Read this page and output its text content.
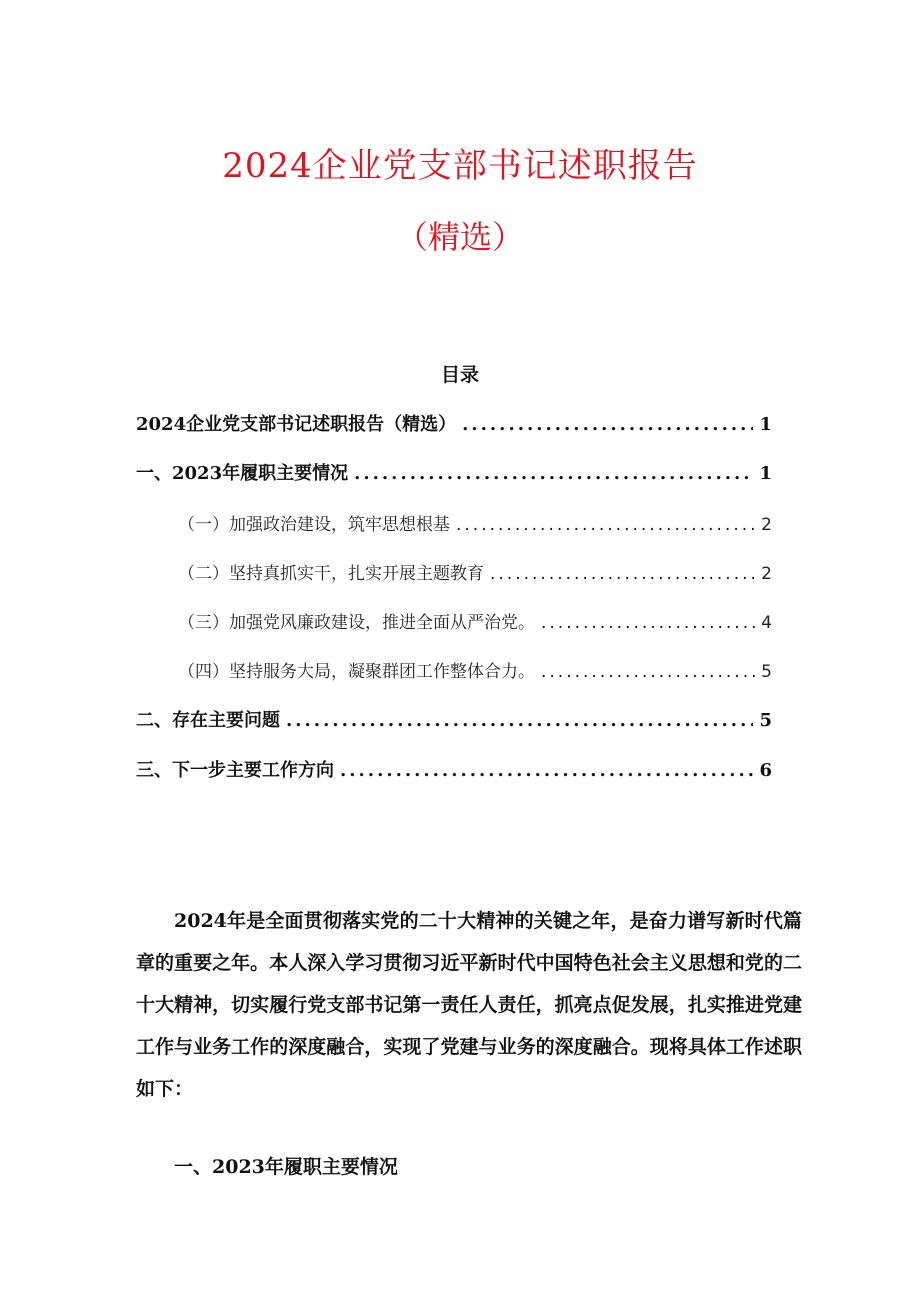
2024企业党支部书记述职报告
（精选）
目录
2024企业党支部书记述职报告（精选） .....	1
一、2023年履职主要情况 .....	1
（一）加强政治建设，筑牢思想根基 .....	2
（二）坚持真抓实干，扎实开展主题教育 .....	2
（三）加强党风廉政建设，推进全面从严治党。 .....	4
（四）坚持服务大局，凝聚群团工作整体合力。 .....	5
二、存在主要问题 .....	5
三、下一步主要工作方向 .....	6

2024年是全面贯彻落实党的二十大精神的关键之年，是奋力谱写新时代篇章的重要之年。本人深入学习贯彻习近平新时代中国特色社会主义思想和党的二十大精神，切实履行党支部书记第一责任人责任，抓亮点促发展，扎实推进党建工作与业务工作的深度融合，实现了党建与业务的深度融合。现将具体工作述职如下：

一、2023年履职主要情况
